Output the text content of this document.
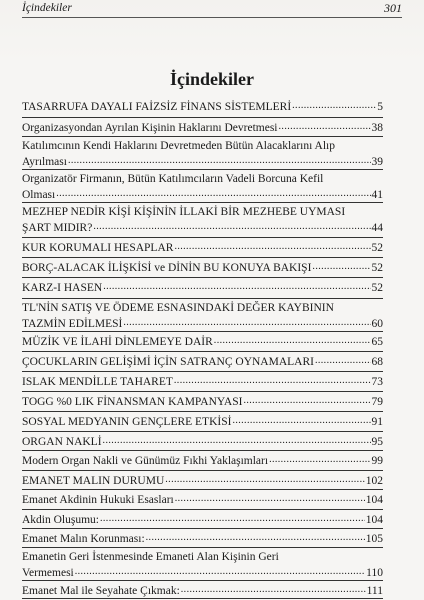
İçindekiler	301
İçindekiler
TASARRUFA DAYALI FAİZSİZ FİNANS SİSTEMLERİ .....	5
Organizasyondan Ayrılan Kişinin Haklarını Devretmesi .....	38
Katılımcının Kendi Haklarını Devretmeden Bütün Alacaklarını Alıp
Ayrılması .....	39
Organizatör Firmanın, Bütün Katılımcıların Vadeli Borcuna Kefil
Olması .....	41
MEZHEP NEDİR KİŞİ KİŞİNİN İLLAKİ BİR MEZHEBE UYMASI
ŞART MIDIR? .....	44
KUR KORUMALI HESAPLAR .....	52
BORÇ-ALACAK İLİŞKİSİ ve DİNİN BU KONUYA BAKIŞI .....	52
KARZ-I HASEN .....	52
TL'NİN SATIŞ VE ÖDEME ESNASINDAKİ DEĞER KAYBININ
TAZMİN EDİLMESİ .....	60
MÜZİK VE İLAHİ DİNLEMEYE DAİR .....	65
ÇOCUKLARIN GELİŞİMİ İÇİN SATRANÇ OYNAMALARI .....	68
ISLAK MENDİLLE TAHARET .....	73
TOGG %0 LIK FİNANSMAN KAMPANYASI .....	79
SOSYAL MEDYANIN GENÇLERE ETKİSİ .....	91
ORGAN NAKLİ .....	95
Modern Organ Nakli ve Günümüz Fıkhi Yaklaşımları .....	99
EMANET MALIN DURUMU .....	102
Emanet Akdinin Hukuki Esasları .....	104
Akdin Oluşumu: .....	104
Emanet Malın Korunması: .....	105
Emanetin Geri İstenmesinde Emaneti Alan Kişinin Geri
Vermemesi .....	110
Emanet Mal ile Seyahate Çıkmak: .....	111
